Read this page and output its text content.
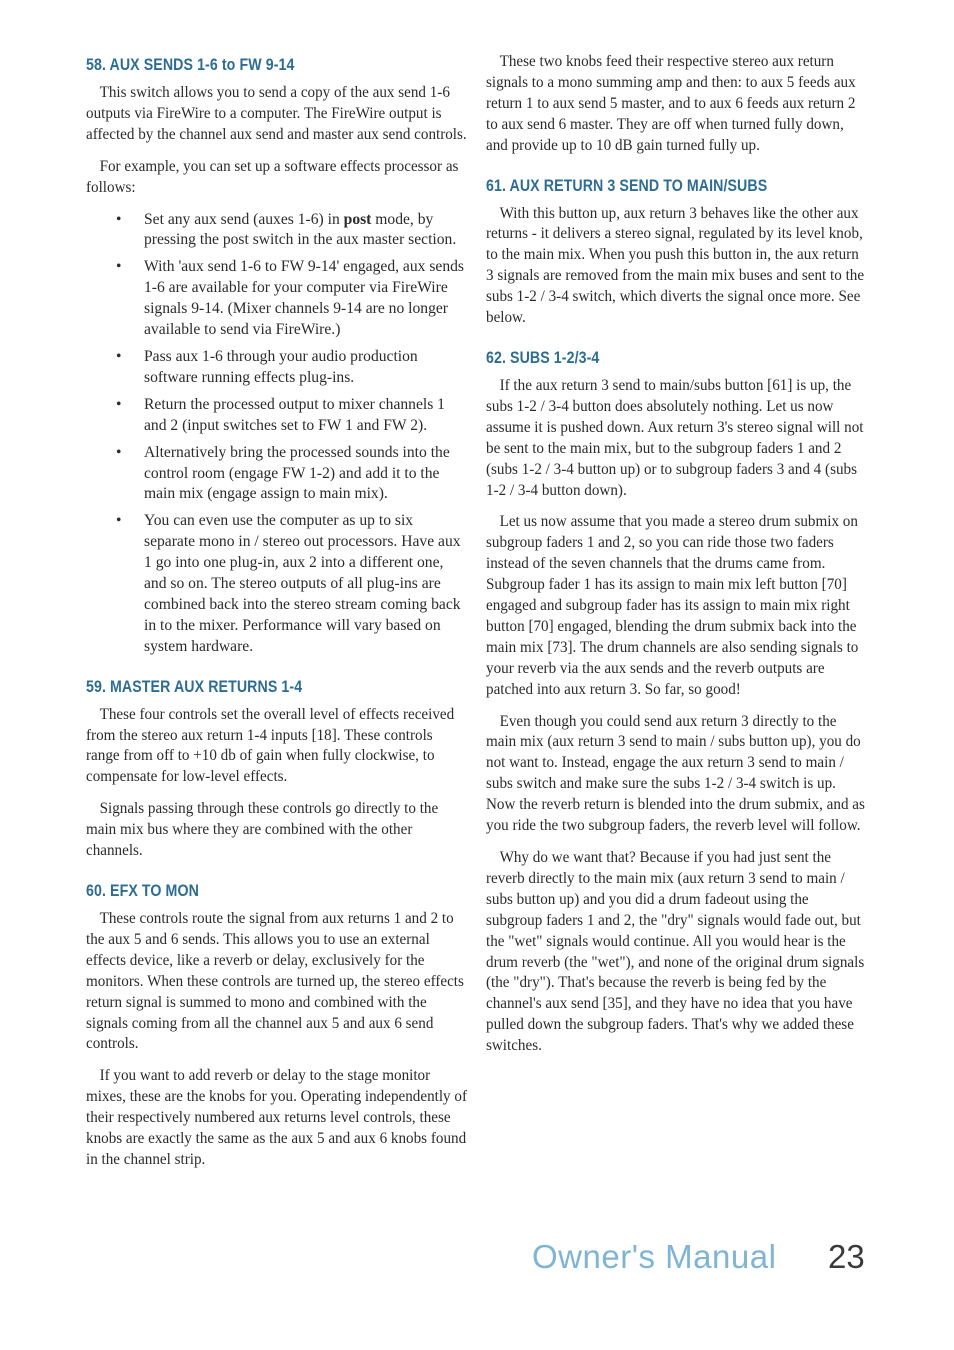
58. AUX SENDS 1-6 to FW 9-14

This switch allows you to send a copy of the aux send 1-6 outputs via FireWire to a computer. The FireWire output is affected by the channel aux send and master aux send controls.

For example, you can set up a software effects processor as follows:

• Set any aux send (auxes 1-6) in post mode, by pressing the post switch in the aux master section.
• With 'aux send 1-6 to FW 9-14' engaged, aux sends 1-6 are available for your computer via FireWire signals 9-14. (Mixer channels 9-14 are no longer available to send via FireWire.)
• Pass aux 1-6 through your audio production software running effects plug-ins.
• Return the processed output to mixer channels 1 and 2 (input switches set to FW 1 and FW 2).
• Alternatively bring the processed sounds into the control room (engage FW 1-2) and add it to the main mix (engage assign to main mix).
• You can even use the computer as up to six separate mono in / stereo out processors. Have aux 1 go into one plug-in, aux 2 into a different one, and so on. The stereo outputs of all plug-ins are combined back into the stereo stream coming back in to the mixer. Performance will vary based on system hardware.
59. MASTER AUX RETURNS 1-4

These four controls set the overall level of effects received from the stereo aux return 1-4 inputs [18]. These controls range from off to +10 db of gain when fully clockwise, to compensate for low-level effects.

Signals passing through these controls go directly to the main mix bus where they are combined with the other channels.

60. EFX TO MON

These controls route the signal from aux returns 1 and 2 to the aux 5 and 6 sends. This allows you to use an external effects device, like a reverb or delay, exclusively for the monitors. When these controls are turned up, the stereo effects return signal is summed to mono and combined with the signals coming from all the channel aux 5 and aux 6 send controls.

If you want to add reverb or delay to the stage monitor mixes, these are the knobs for you. Operating independently of their respectively numbered aux returns level controls, these knobs are exactly the same as the aux 5 and aux 6 knobs found in the channel strip.

These two knobs feed their respective stereo aux return signals to a mono summing amp and then: to aux 5 feeds aux return 1 to aux send 5 master, and to aux 6 feeds aux return 2 to aux send 6 master. They are off when turned fully down, and provide up to 10 dB gain turned fully up.

61. AUX RETURN 3 SEND TO MAIN/SUBS

With this button up, aux return 3 behaves like the other aux returns - it delivers a stereo signal, regulated by its level knob, to the main mix. When you push this button in, the aux return 3 signals are removed from the main mix buses and sent to the subs 1-2 / 3-4 switch, which diverts the signal once more. See below.

62. SUBS 1-2/3-4

If the aux return 3 send to main/subs button [61] is up, the subs 1-2 / 3-4 button does absolutely nothing. Let us now assume it is pushed down. Aux return 3's stereo signal will not be sent to the main mix, but to the subgroup faders 1 and 2 (subs 1-2 / 3-4 button up) or to subgroup faders 3 and 4 (subs 1-2 / 3-4 button down).

Let us now assume that you made a stereo drum submix on subgroup faders 1 and 2, so you can ride those two faders instead of the seven channels that the drums came from. Subgroup fader 1 has its assign to main mix left button [70] engaged and subgroup fader has its assign to main mix right button [70] engaged, blending the drum submix back into the main mix [73]. The drum channels are also sending signals to your reverb via the aux sends and the reverb outputs are patched into aux return 3. So far, so good!

Even though you could send aux return 3 directly to the main mix (aux return 3 send to main / subs button up), you do not want to. Instead, engage the aux return 3 send to main / subs switch and make sure the subs 1-2 / 3-4 switch is up. Now the reverb return is blended into the drum submix, and as you ride the two subgroup faders, the reverb level will follow.

Why do we want that? Because if you had just sent the reverb directly to the main mix (aux return 3 send to main / subs button up) and you did a drum fadeout using the subgroup faders 1 and 2, the "dry" signals would fade out, but the "wet" signals would continue. All you would hear is the drum reverb (the "wet"), and none of the original drum signals (the "dry"). That's because the reverb is being fed by the channel's aux send [35], and they have no idea that you have pulled down the subgroup faders. That's why we added these switches.

Owner's Manual 23
